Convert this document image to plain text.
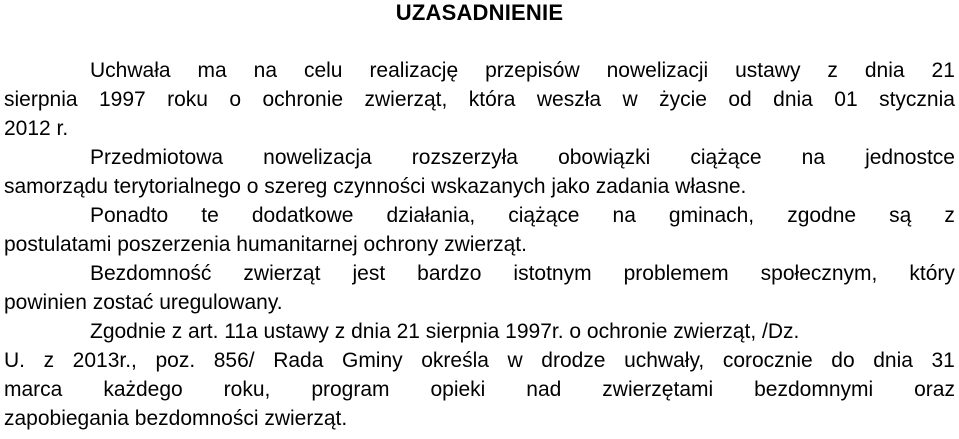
UZASADNIENIE
Uchwała ma na celu realizację przepisów nowelizacji ustawy z dnia 21
sierpnia 1997 roku o ochronie zwierząt, która weszła w życie od dnia 01 stycznia
2012 r.
Przedmiotowa nowelizacja rozszerzyła obowiązki ciążące na jednostce
samorządu terytorialnego o szereg czynności wskazanych jako zadania własne.
Ponadto te dodatkowe działania, ciążące na gminach, zgodne są z
postulatami poszerzenia humanitarnej ochrony zwierząt.
Bezdomność zwierząt jest bardzo istotnym problemem społecznym, który
powinien zostać uregulowany.
Zgodnie z art. 11a ustawy z dnia 21 sierpnia 1997r. o ochronie zwierząt, /Dz.
U. z 2013r., poz. 856/ Rada Gminy określa w drodze uchwały, corocznie do dnia 31
marca każdego roku, program opieki nad zwierzętami bezdomnymi oraz
zapobiegania bezdomności zwierząt.
